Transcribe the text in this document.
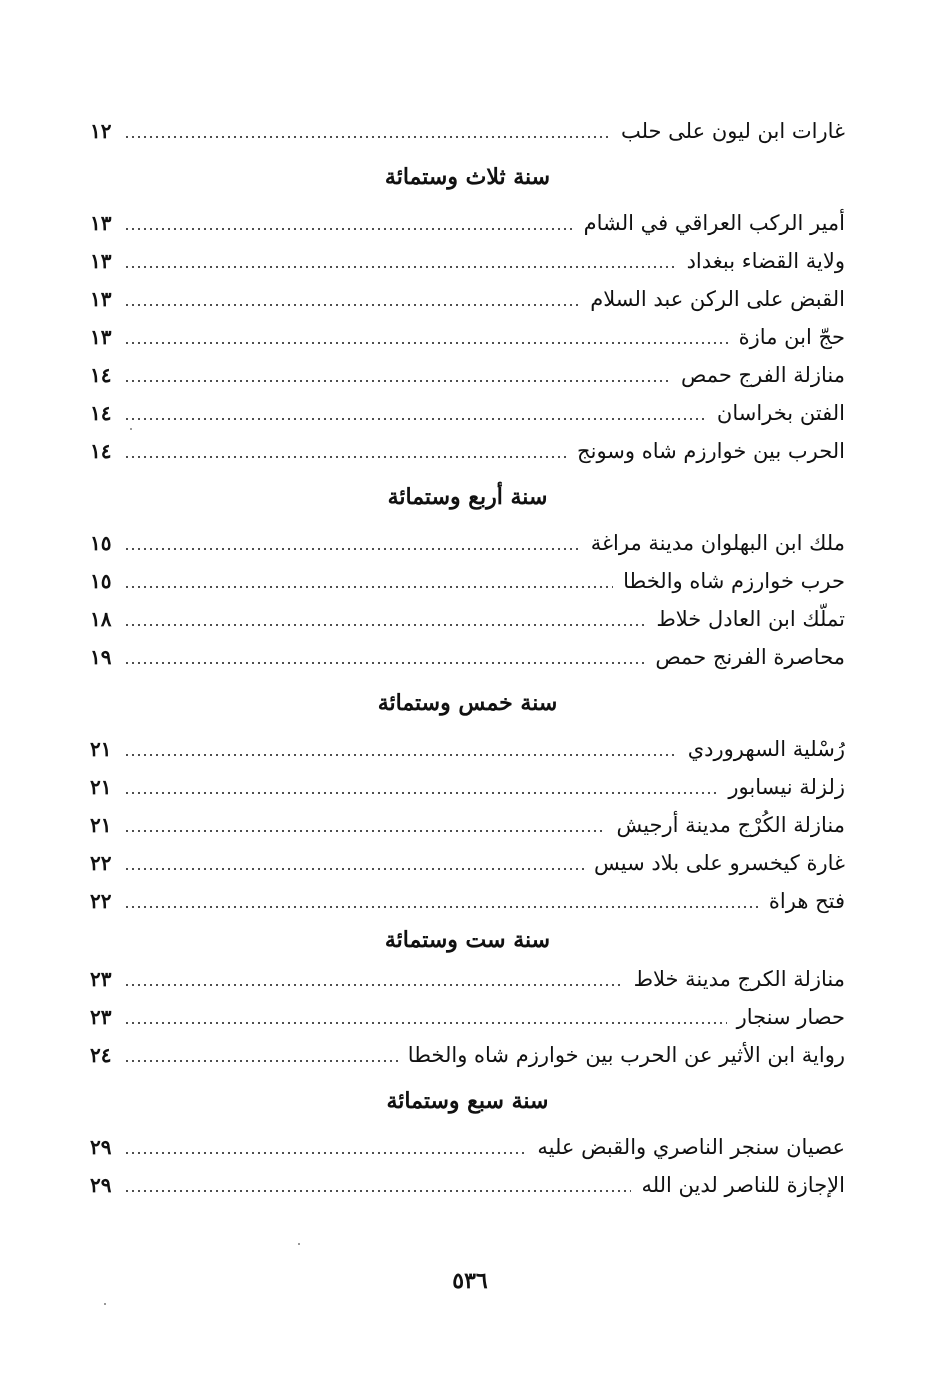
غارات ابن ليون على حلب
١٢
سنة ثلاث وستمائة
أمير الركب العراقي في الشام
١٣
ولاية القضاء ببغداد
١٣
القبض على الركن عبد السلام
١٣
حجّ ابن مازة
١٣
منازلة الفرج حمص
١٤
الفتن بخراسان
١٤
الحرب بين خوارزم شاه وسونج
١٤
سنة أربع وستمائة
ملك ابن البهلوان مدينة مراغة
١٥
حرب خوارزم شاه والخطا
١٥
تملّك ابن العادل خلاط
١٨
محاصرة الفرنج حمص
١٩
سنة خمس وستمائة
رُسْلية السهروردي
٢١
زلزلة نيسابور
٢١
منازلة الكُرْج مدينة أرجيش
٢١
غارة كيخسرو على بلاد سيس
٢٢
فتح هراة
٢٢
سنة ست وستمائة
منازلة الكرج مدينة خلاط
٢٣
حصار سنجار
٢٣
رواية ابن الأثير عن الحرب بين خوارزم شاه والخطا
٢٤
سنة سبع وستمائة
عصيان سنجر الناصري والقبض عليه
٢٩
الإجازة للناصر لدين الله
٢٩
٥٣٦
